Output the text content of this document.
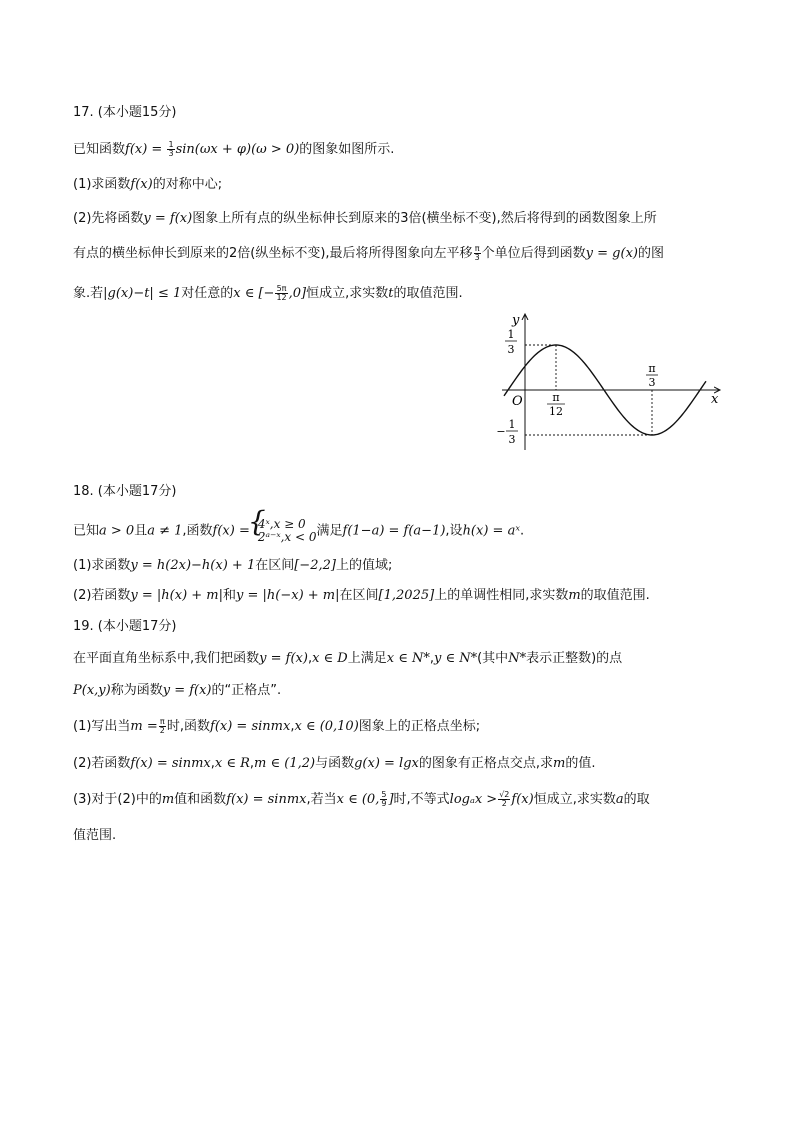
17. (本小题15分)
已知函数$f(x) = \frac{1}{3} \sin(\omega x + \varphi)(\omega > 0)$的图象如图所示.
(1)求函数f(x)的对称中心;
(2)先将函数y = f(x)图象上所有点的纵坐标伸长到原来的3倍(横坐标不变),然后将得到的函数图象上所
有点的横坐标伸长到原来的2倍(纵坐标不变),最后将所得图象向左平移 $\frac{\pi}{3}$ 个单位后得到函数y = g(x)的图
象.若|g(x)−t| ≤ 1对任意的x ∈ [− $\frac{5\pi}{12} ,0$]恒成立,求实数t的取值范围.
y
x
O
1
3
−
1
3
π
12
π
3
18. (本小题17分)
已知a > 0且a ≠ 1,函数f(x) =
{ 4ˣ,x ≥ 0
2ᵃ⁻ˣ,x < 0 满足f(1−a) = f(a−1),设h(x) = aˣ.
(1)求函数y = h(2x)−h(x) + 1在区间[−2,2]上的值域;
(2)若函数y = |h(x) + m|和y = |h(−x) + m|在区间[1,2025]上的单调性相同,求实数m的取值范围.
19. (本小题17分)
在平面直角坐标系中,我们把函数y = f(x),x ∈ D上满足x ∈ N*,y ∈ N*(其中N*表示正整数)的点
P(x,y)称为函数y = f(x)的“正格点”.
(1)写出当$m = \frac{\pi}{2}$ 时,函数f(x) = sinmx,x ∈ (0,10)图象上的正格点坐标;
(2)若函数f(x) = sinmx,x ∈ R,m ∈ (1,2)与函数g(x) = lgx的图象有正格点交点,求m的值.
(3)对于(2)中的m值和函数f(x) = sinmx,若当x ∈ (0, $\frac{5}{9}$ ]时,不等式$\log_ax > \frac{√2}{2} f(x)$恒成立,求实数a的取
值范围.
